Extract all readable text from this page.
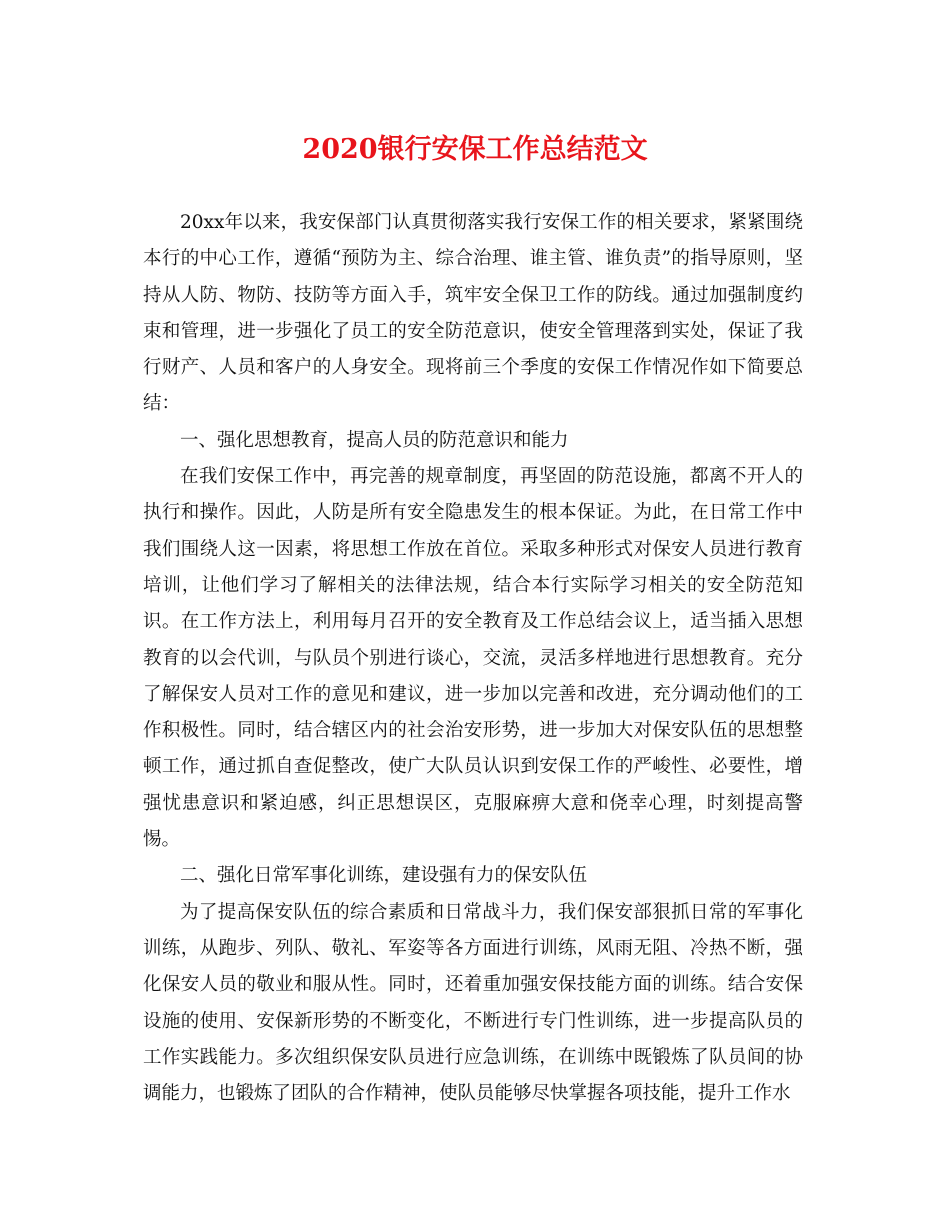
2020银行安保工作总结范文

20xx年以来，我安保部门认真贯彻落实我行安保工作的相关要求，紧紧围绕本行的中心工作，遵循“预防为主、综合治理、谁主管、谁负责”的指导原则，坚持从人防、物防、技防等方面入手，筑牢安全保卫工作的防线。通过加强制度约束和管理，进一步强化了员工的安全防范意识，使安全管理落到实处，保证了我行财产、人员和客户的人身安全。现将前三个季度的安保工作情况作如下简要总结：

一、强化思想教育，提高人员的防范意识和能力

在我们安保工作中，再完善的规章制度，再坚固的防范设施，都离不开人的执行和操作。因此，人防是所有安全隐患发生的根本保证。为此，在日常工作中我们围绕人这一因素，将思想工作放在首位。采取多种形式对保安人员进行教育培训，让他们学习了解相关的法律法规，结合本行实际学习相关的安全防范知识。在工作方法上，利用每月召开的安全教育及工作总结会议上，适当插入思想教育的以会代训，与队员个别进行谈心，交流，灵活多样地进行思想教育。充分了解保安人员对工作的意见和建议，进一步加以完善和改进，充分调动他们的工作积极性。同时，结合辖区内的社会治安形势，进一步加大对保安队伍的思想整顿工作，通过抓自查促整改，使广大队员认识到安保工作的严峻性、必要性，增强忧患意识和紧迫感，纠正思想误区，克服麻痹大意和侥幸心理，时刻提高警惕。

二、强化日常军事化训练，建设强有力的保安队伍

为了提高保安队伍的综合素质和日常战斗力，我们保安部狠抓日常的军事化训练，从跑步、列队、敬礼、军姿等各方面进行训练，风雨无阻、冷热不断，强化保安人员的敬业和服从性。同时，还着重加强安保技能方面的训练。结合安保设施的使用、安保新形势的不断变化，不断进行专门性训练，进一步提高队员的工作实践能力。多次组织保安队员进行应急训练，在训练中既锻炼了队员间的协调能力，也锻炼了团队的合作精神，使队员能够尽快掌握各项技能，提升工作水
